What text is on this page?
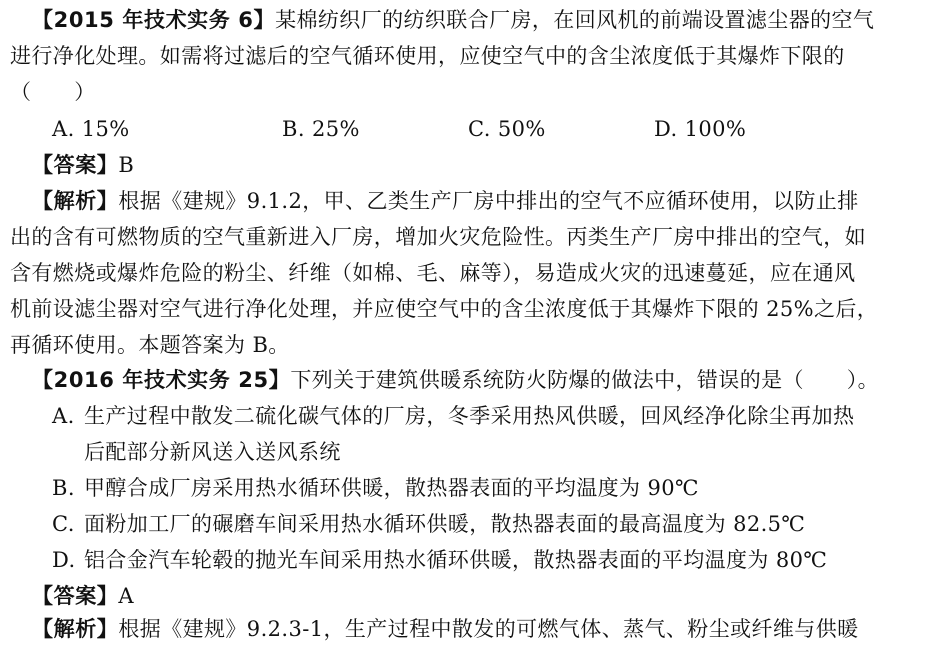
【2015 年技术实务 6】某棉纺织厂的纺织联合厂房，在回风机的前端设置滤尘器的空气
进行净化处理。如需将过滤后的空气循环使用，应使空气中的含尘浓度低于其爆炸下限的
（　　）
A. 15%	B. 25%	C. 50%	D. 100%
【答案】B
【解析】根据《建规》9.1.2，甲、乙类生产厂房中排出的空气不应循环使用，以防止排
出的含有可燃物质的空气重新进入厂房，增加火灾危险性。丙类生产厂房中排出的空气，如
含有燃烧或爆炸危险的粉尘、纤维（如棉、毛、麻等），易造成火灾的迅速蔓延，应在通风
机前设滤尘器对空气进行净化处理，并应使空气中的含尘浓度低于其爆炸下限的 25%之后，
再循环使用。本题答案为 B。
【2016 年技术实务 25】下列关于建筑供暖系统防火防爆的做法中，错误的是（　　）。
A. 生产过程中散发二硫化碳气体的厂房，冬季采用热风供暖，回风经净化除尘再加热
后配部分新风送入送风系统
B. 甲醇合成厂房采用热水循环供暖，散热器表面的平均温度为 90℃
C. 面粉加工厂的碾磨车间采用热水循环供暖，散热器表面的最高温度为 82.5℃
D. 铝合金汽车轮毂的抛光车间采用热水循环供暖，散热器表面的平均温度为 80℃
【答案】A
【解析】根据《建规》9.2.3-1，生产过程中散发的可燃气体、蒸气、粉尘或纤维与供暖
